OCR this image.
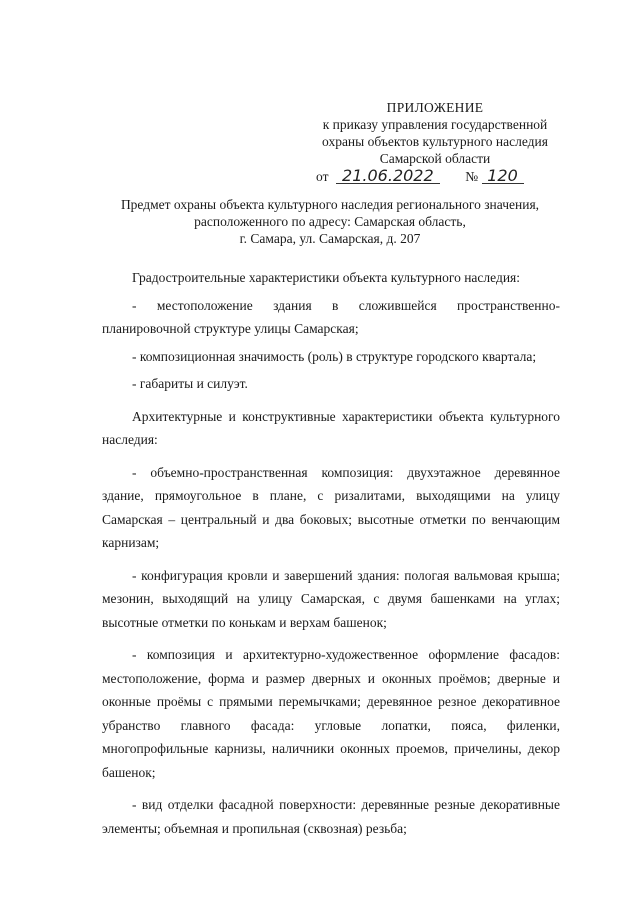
ПРИЛОЖЕНИЕ
к приказу управления государственной
охраны объектов культурного наследия
Самарской области
от 21.06.2022 № 120
Предмет охраны объекта культурного наследия регионального значения,
расположенного по адресу: Самарская область,
г. Самара, ул. Самарская, д. 207

Градостроительные характеристики объекта культурного наследия:

- местоположение здания в сложившейся пространственно-планировочной структуре улицы Самарская;

- композиционная значимость (роль) в структуре городского квартала;

- габариты и силуэт.

Архитектурные и конструктивные характеристики объекта культурного наследия:

- объемно-пространственная композиция: двухэтажное деревянное здание, прямоугольное в плане, с ризалитами, выходящими на улицу Самарская – центральный и два боковых; высотные отметки по венчающим карнизам;

- конфигурация кровли и завершений здания: пологая вальмовая крыша; мезонин, выходящий на улицу Самарская, с двумя башенками на углах; высотные отметки по конькам и верхам башенок;

- композиция и архитектурно-художественное оформление фасадов: местоположение, форма и размер дверных и оконных проёмов; дверные и оконные проёмы с прямыми перемычками; деревянное резное декоративное убранство главного фасада: угловые лопатки, пояса, филенки, многопрофильные карнизы, наличники оконных проемов, причелины, декор башенок;

- вид отделки фасадной поверхности: деревянные резные декоративные элементы; объемная и пропильная (сквозная) резьба;
